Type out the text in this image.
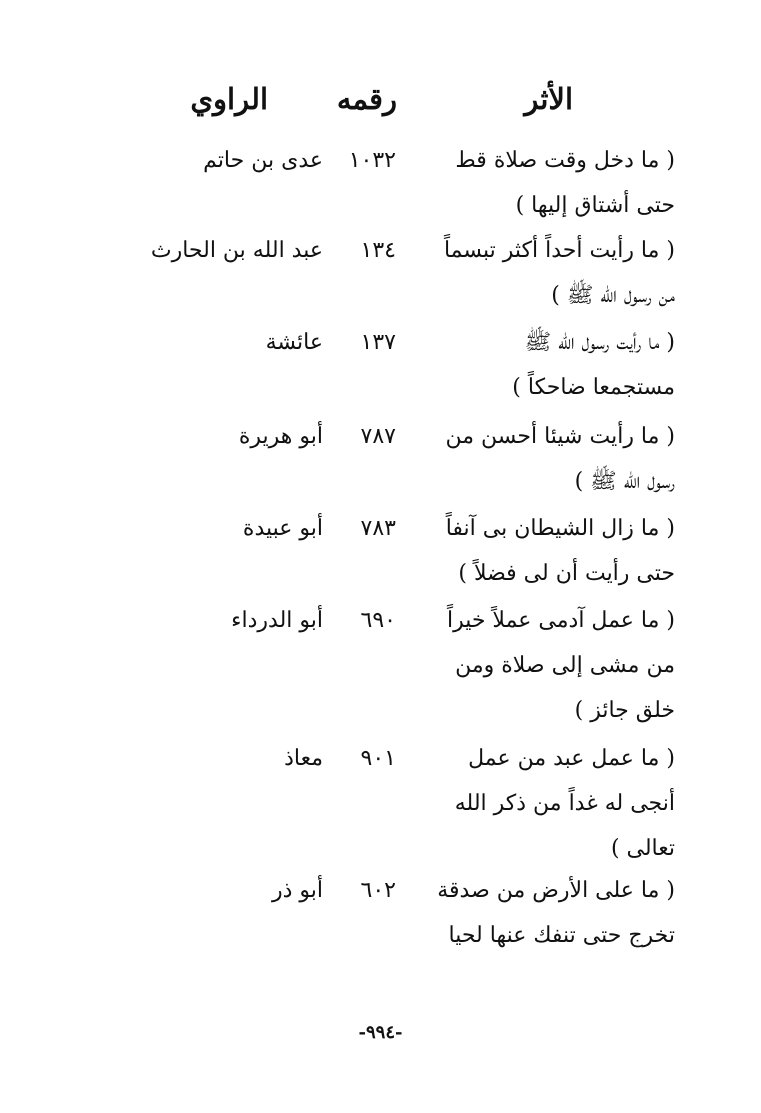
الأثر
رقمه
الراوي
( ما دخل وقت صلاة قط
حتى أشتاق إليها )
١٠٣٢
عدى بن حاتم
( ما رأيت أحداً أكثر تبسماً
من رسول الله ﷺ )
١٣٤
عبد الله بن الحارث
( ما رأيت رسول الله ﷺ
مستجمعا ضاحكاً )
١٣٧
عائشة
( ما رأيت شيئا أحسن من
رسول الله ﷺ )
٧٨٧
أبو هريرة
( ما زال الشيطان بى آنفاً
حتى رأيت أن لى فضلاً )
٧٨٣
أبو عبيدة
( ما عمل آدمى عملاً خيراً
من مشى إلى صلاة ومن
خلق جائز )
٦٩٠
أبو الدرداء
( ما عمل عبد من عمل
أنجى له غداً من ذكر الله
تعالى )
٩٠١
معاذ
( ما على الأرض من صدقة
تخرج حتى تنفك عنها لحيا
٦٠٢
أبو ذر
-٩٩٤-
